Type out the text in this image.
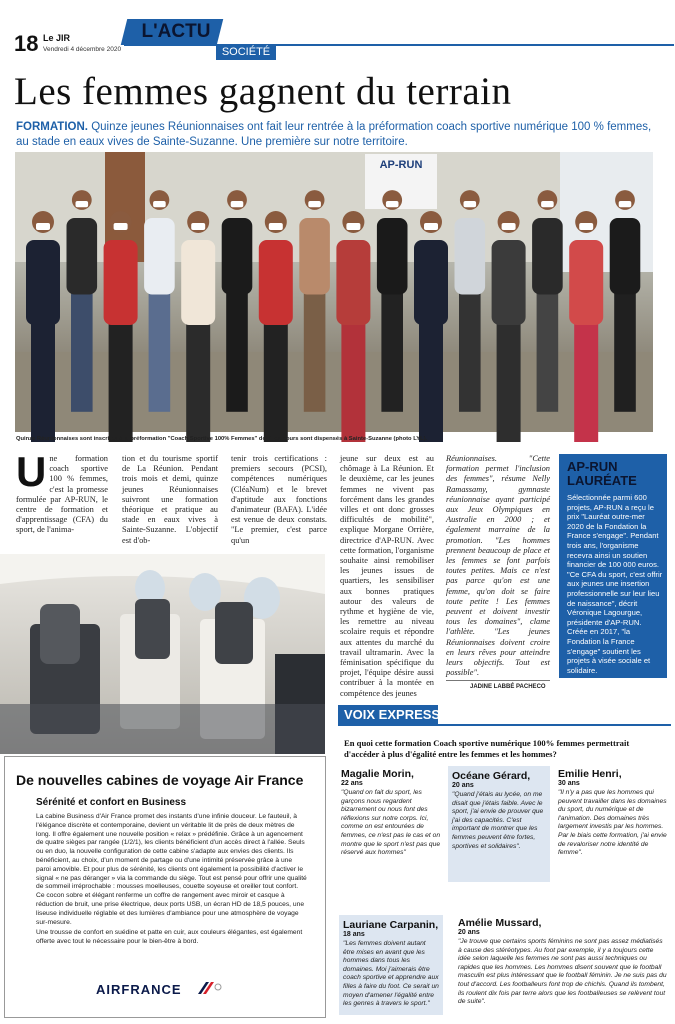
18 Le JIR
Vendredi 4 décembre 2020
L'ACTU
SOCIÉTÉ
Les femmes gagnent du terrain

FORMATION. Quinze jeunes Réunionnaises ont fait leur rentrée à la préformation coach sportive numérique 100 % femmes, au stade en eaux vives de Sainte-Suzanne. Une première sur notre territoire.

AP-RUN
Quinze Réunionnaises sont inscrites à la préformation "Coach Sportive 100% Femmes" dont les cours sont dispensés à Sainte-Suzanne (photo LYL).
Une formation coach sportive 100 % femmes, c'est la promesse formulée par AP-RUN, le centre de formation et d'apprentissage (CFA) du sport, de l'anima-
tion et du tourisme sportif de La Réunion. Pendant trois mois et demi, quinze jeunes Réunionnaises suivront une formation théorique et pratique au stade en eaux vives à Sainte-Suzanne. L'objectif est d'ob-
tenir trois certifications : premiers secours (PCSI), compétences numériques (CléaNum) et le brevet d'aptitude aux fonctions d'animateur (BAFA). L'idée est venue de deux constats. "Le premier, c'est parce qu'un
jeune sur deux est au chômage à La Réunion. Et le deuxième, car les jeunes femmes ne vivent pas forcément dans les grandes villes et ont donc grosses difficultés de mobilité", explique Morgane Orrière, directrice d'AP-RUN. Avec cette formation, l'organisme souhaite ainsi remobiliser les jeunes issues de quartiers, les sensibiliser aux bonnes pratiques autour des valeurs de rythme et hygiène de vie, les remettre au niveau scolaire requis et répondre aux attentes du marché du travail ultramarin. Avec la féminisation spécifique du projet, l'équipe désire aussi contribuer à la montée en compétence des jeunes
Réunionnaises. "Cette formation permet l'inclusion des femmes", résume Nelly Ramassamy, gymnaste réunionnaise ayant participé aux Jeux Olympiques en Australie en 2000 ; et également marraine de la promotion. "Les hommes prennent beaucoup de place et les femmes se font parfois toutes petites. Mais ce n'est pas parce qu'on est une femme, qu'on doit se faire toute petite ! Les femmes peuvent et doivent investir tous les domaines", clame l'athlète. "Les jeunes Réunionnaises doivent croire en leurs rêves pour atteindre leurs objectifs. Tout est possible".
JADINE LABBÉ PACHECO
AP-RUN LAURÉATE
Sélectionnée parmi 600 projets, AP-RUN a reçu le prix "Lauréat outre-mer 2020 de la Fondation la France s'engage". Pendant trois ans, l'organisme recevra ainsi un soutien financier de 100 000 euros. "Ce CFA du sport, c'est offrir aux jeunes une insertion professionnelle sur leur lieu de naissance", décrit Véronique Lagourgue, présidente d'AP-RUN. Créée en 2017, "la Fondation la France s'engage" soutient les projets à visée sociale et solidaire.
De nouvelles cabines de voyage Air France
Sérénité et confort en Business

La cabine Business d'Air France promet des instants d'une infinie douceur. Le fauteuil, à l'élégance discrète et contemporaine, devient un véritable lit de près de deux mètres de long. Il offre également une nouvelle position « relax » prédéfinie. Grâce à un agencement de quatre sièges par rangée (1/2/1), les clients bénéficient d'un accès direct à l'allée. Seuls ou en duo, la nouvelle configuration de cette cabine s'adapte aux envies des clients. Ils bénéficient, au choix, d'un moment de partage ou d'une intimité préservée grâce à une paroi amovible. Et pour plus de sérénité, les clients ont également la possibilité d'activer le signal « ne pas déranger » via la commande du siège. Tout est pensé pour offrir une qualité de sommeil irréprochable : mousses moelleuses, couette soyeuse et oreiller tout confort. Ce cocon sobre et élégant renferme un coffre de rangement avec miroir et casque à réduction de bruit, une prise électrique, deux ports USB, un écran HD de 18,5 pouces, une liseuse individuelle réglable et des lumières d'ambiance pour une atmosphère de voyage sur-mesure.

Une trousse de confort en suédine et patte en cuir, aux couleurs élégantes, est également offerte avec tout le nécessaire pour le bien-être à bord.

AIRFRANCE
VOIX EXPRESS
En quoi cette formation Coach sportive numérique 100% femmes permettrait d'accéder à plus d'égalité entre les femmes et les hommes?
Magalie Morin,
22 ans
"Quand on fait du sport, les garçons nous regardent bizarrement ou nous font des réflexions sur notre corps. Ici, comme on est entourées de femmes, ce n'est pas le cas et on montre que le sport n'est pas que réservé aux hommes"
Océane Gérard,
20 ans
"Quand j'étais au lycée, on me disait que j'étais faible. Avec le sport, j'ai envie de prouver que j'ai des capacités. C'est important de montrer que les femmes peuvent être fortes, sportives et solidaires".
Emilie Henri,
30 ans
"Il n'y a pas que les hommes qui peuvent travailler dans les domaines du sport, du numérique et de l'animation. Des domaines très largement investis par les hommes. Par le biais cette formation, j'ai envie de revaloriser notre identité de femme".
Lauriane Carpanin,
18 ans
"Les femmes doivent autant être mises en avant que les hommes dans tous les domaines. Moi j'aimerais être coach sportive et apprendre aux filles à faire du foot. Ce serait un moyen d'amener l'égalité entre les genres à travers le sport."
Amélie Mussard,
20 ans
"Je trouve que certains sports féminins ne sont pas assez médiatisés à cause des stéréotypes. Au foot par exemple, il y a toujours cette idée selon laquelle les femmes ne sont pas aussi techniques ou rapides que les hommes. Les hommes disent souvent que le football masculin est plus intéressant que le football féminin. Je ne suis pas du tout d'accord. Les footballeurs font trop de chichis. Quand ils tombent, ils roulent dix fois par terre alors que les footballeuses se relèvent tout de suite".
